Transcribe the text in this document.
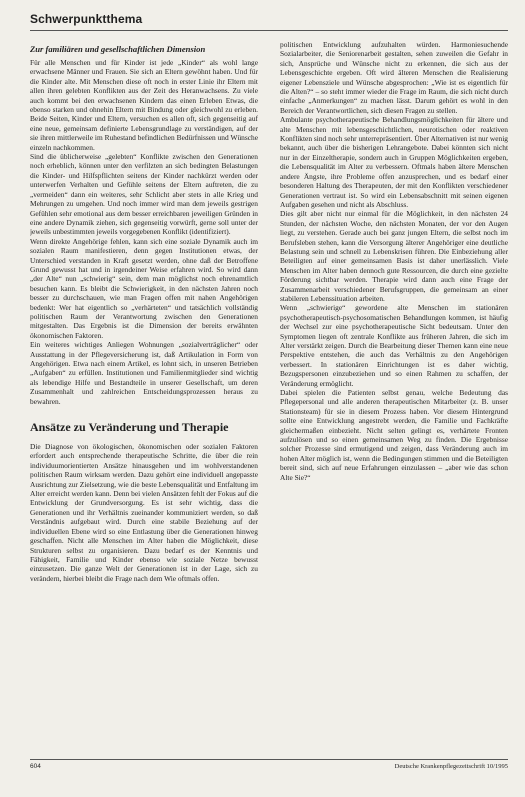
Schwerpunktthema
Zur familiären und gesellschaftlichen Dimension

Für alle Menschen und für Kinder ist jede „Kinder“ als wohl lange erwachsene Männer und Frauen. Sie sich an Eltern gewöhnt haben. Und für die Kinder alte. Mit Menschen diese oft noch in erster Linie ihr Eltern mit allen ihren gelebten Konflikten aus der Zeit des Heranwachsens. Zu viele auch kommt bei den erwachsenen Kindern das einen Erleben Etwas, die ebenso starken und ohnehin Eltern mit Bindung oder gleichwohl zu erleben. Beide Seiten, Kinder und Eltern, versuchen es allen oft, sich gegenseitig auf eine neue, gemeinsam definierte Lebensgrundlage zu verständigen, auf der sie ihren mittlerweile im Ruhestand befindlichen Bedürfnissen und Wünsche einzeln nachkommen.

Sind die üblicherweise „gelebten“ Konflikte zwischen den Generationen noch erheblich, können unter den verfilzten an sich bedingten Belastungen die Kinder- und Hilfspflichten seitens der Kinder nachkürzt werden oder unterwerfen Verhalten und Gefühle seitens der Eltern auftreten, die zu „vermeiden“ dann ein weiteres, sehr Schlicht aber stets in alle Krieg und Mehrungen zu umgehen. Und noch immer wird man dem jeweils gestrigen Gefühlen sehr emotional aus dem besser erreichbaren jeweiligen Gründen in eine andere Dynamik ziehen, sich gegenseitig vorwürft, gerne soll unter der jeweils unbestimmten jeweils vorgegebenen Konflikt (identifiziert).

Wenn direkte Angehörige fehlen, kann sich eine soziale Dynamik auch im sozialen Raum manifestieren, denn gegen Institutionen etwas, der Unterschied verstanden in Kraft gesetzt werden, ohne daß der Betroffene Grund gewusst hat und in irgendeiner Weise erfahren wird. So wird dann „der Alte“ nun „schwierig“ sein, dem man möglichst noch ehrenamtlich besuchen kann. Es bleibt die Schwierigkeit, in den nächsten Jahren noch besser zu durchschauen, wie man Fragen offen mit nahen Angehörigen bedenkt: Wer hat eigentlich so „verhärteten“ und tatsächlich vollständig politischen Raum der Verantwortung zwischen den Generationen mitgestalten. Das Ergebnis ist die Dimension der bereits erwähnten ökonomischen Faktoren.

Ein weiteres wichtiges Anliegen Wohnungen „sozialverträglicher“ oder Ausstattung in der Pflegeversicherung ist, daß Artikulation in Form von Angehörigen. Etwa nach einem Artikel, es lohnt sich, in unseren Betrieben „Aufgaben“ zu erfüllen. Institutionen und Familienmitglieder sind wichtig als lebendige Hilfe und Bestandteile in unserer Gesellschaft, um deren Zusammenhalt und zahlreichen Entscheidungsprozessen heraus zu bewahren.

Ansätze zu Veränderung und Therapie

Die Diagnose von ökologischen, ökonomischen oder sozialen Faktoren erfordert auch entsprechende therapeutische Schritte, die über die rein individuumorientierten Ansätze hinausgehen und im wohlverstandenen politischen Raum wirksam werden. Dazu gehört eine individuell angepasste Ausrichtung zur Zielsetzung, wie die beste Lebensqualität und Entfaltung im Alter erreicht werden kann. Denn bei vielen Ansätzen fehlt der Fokus auf die Entwicklung der Grundversorgung. Es ist sehr wichtig, dass die Generationen und ihr Verhältnis zueinander kommuniziert werden, so daß Verständnis aufgebaut wird. Durch eine stabile Beziehung auf der individuellen Ebene wird so eine Entlastung über die Generationen hinweg geschaffen. Nicht alle Menschen im Alter haben die Möglichkeit, diese Strukturen selbst zu organisieren. Dazu bedarf es der Kenntnis und Fähigkeit, Familie und Kinder ebenso wie soziale Netze bewusst einzusetzen. Die ganze Welt der Generationen ist in der Lage, sich zu verändern, hierbei bleibt die Frage nach dem Wie oftmals offen.

politischen Entwicklung aufzuhalten würden. Harmoniesuchende Sozialarbeiter, die Seniorenarbeit gestalten, sehen zuweilen die Gefahr in sich, Ansprüche und Wünsche nicht zu erkennen, die sich aus der Lebensgeschichte ergeben. Oft wird älteren Menschen die Realisierung eigener Lebensziele und Wünsche abgesprochen: „Wie ist es eigentlich für die Alten?“ – so steht immer wieder die Frage im Raum, die sich nicht durch einfache „Anmerkungen“ zu machen lässt. Darum gehört es wohl in den Bereich der Verantwortlichen, sich diesen Fragen zu stellen.

Ambulante psychotherapeutische Behandlungsmöglichkeiten für ältere und alte Menschen mit lebensgeschichtlichen, neurotischen oder reaktiven Konflikten sind noch sehr unterrepräsentiert. Über Alternativen ist nur wenig bekannt, auch über die bisherigen Lehrangebote. Dabei könnten sich nicht nur in der Einzeltherapie, sondern auch in Gruppen Möglichkeiten ergeben, die Lebensqualität im Alter zu verbessern. Oftmals haben ältere Menschen andere Ängste, ihre Probleme offen anzusprechen, und es bedarf einer besonderen Haltung des Therapeuten, der mit den Konflikten verschiedener Generationen vertraut ist. So wird ein Lebensabschnitt mit seinen eigenen Aufgaben gesehen und nicht als Abschluss.

Dies gilt aber nicht nur einmal für die Möglichkeit, in den nächsten 24 Stunden, der nächsten Woche, den nächsten Monaten, der vor den Augen liegt, zu verstehen. Gerade auch bei ganz jungen Eltern, die selbst noch im Berufsleben stehen, kann die Versorgung älterer Angehöriger eine deutliche Belastung sein und schnell zu Lebenskrisen führen. Die Einbeziehung aller Beteiligten auf einer gemeinsamen Basis ist daher unerlässlich. Viele Menschen im Alter haben dennoch gute Ressourcen, die durch eine gezielte Förderung sichtbar werden. Therapie wird dann auch eine Frage der Zusammenarbeit verschiedener Berufsgruppen, die gemeinsam an einer stabileren Lebenssituation arbeiten.

Wenn „schwierige“ gewordene alte Menschen im stationären psychotherapeutisch-psychosomatischen Behandlungen kommen, ist häufig der Wechsel zur eine psychotherapeutische Sicht bedeutsam. Unter den Symptomen liegen oft zentrale Konflikte aus früheren Jahren, die sich im Alter verstärkt zeigen. Durch die Bearbeitung dieser Themen kann eine neue Perspektive entstehen, die auch das Verhältnis zu den Angehörigen verbessert. In stationären Einrichtungen ist es daher wichtig, Bezugspersonen einzubeziehen und so einen Rahmen zu schaffen, der Veränderung ermöglicht.

Dabei spielen die Patienten selbst genau, welche Bedeutung das Pflegepersonal und alle anderen therapeutischen Mitarbeiter (z. B. unser Stationsteam) für sie in diesem Prozess haben. Vor diesem Hintergrund sollte eine Entwicklung angestrebt werden, die Familie und Fachkräfte gleichermaßen einbezieht. Nicht selten gelingt es, verhärtete Fronten aufzulösen und so einen gemeinsamen Weg zu finden. Die Ergebnisse solcher Prozesse sind ermutigend und zeigen, dass Veränderung auch im hohen Alter möglich ist, wenn die Bedingungen stimmen und die Beteiligten bereit sind, sich auf neue Erfahrungen einzulassen – „aber wie das schon Alte Sie?“

604	Deutsche Krankenpflegezeitschrift 10/1995
